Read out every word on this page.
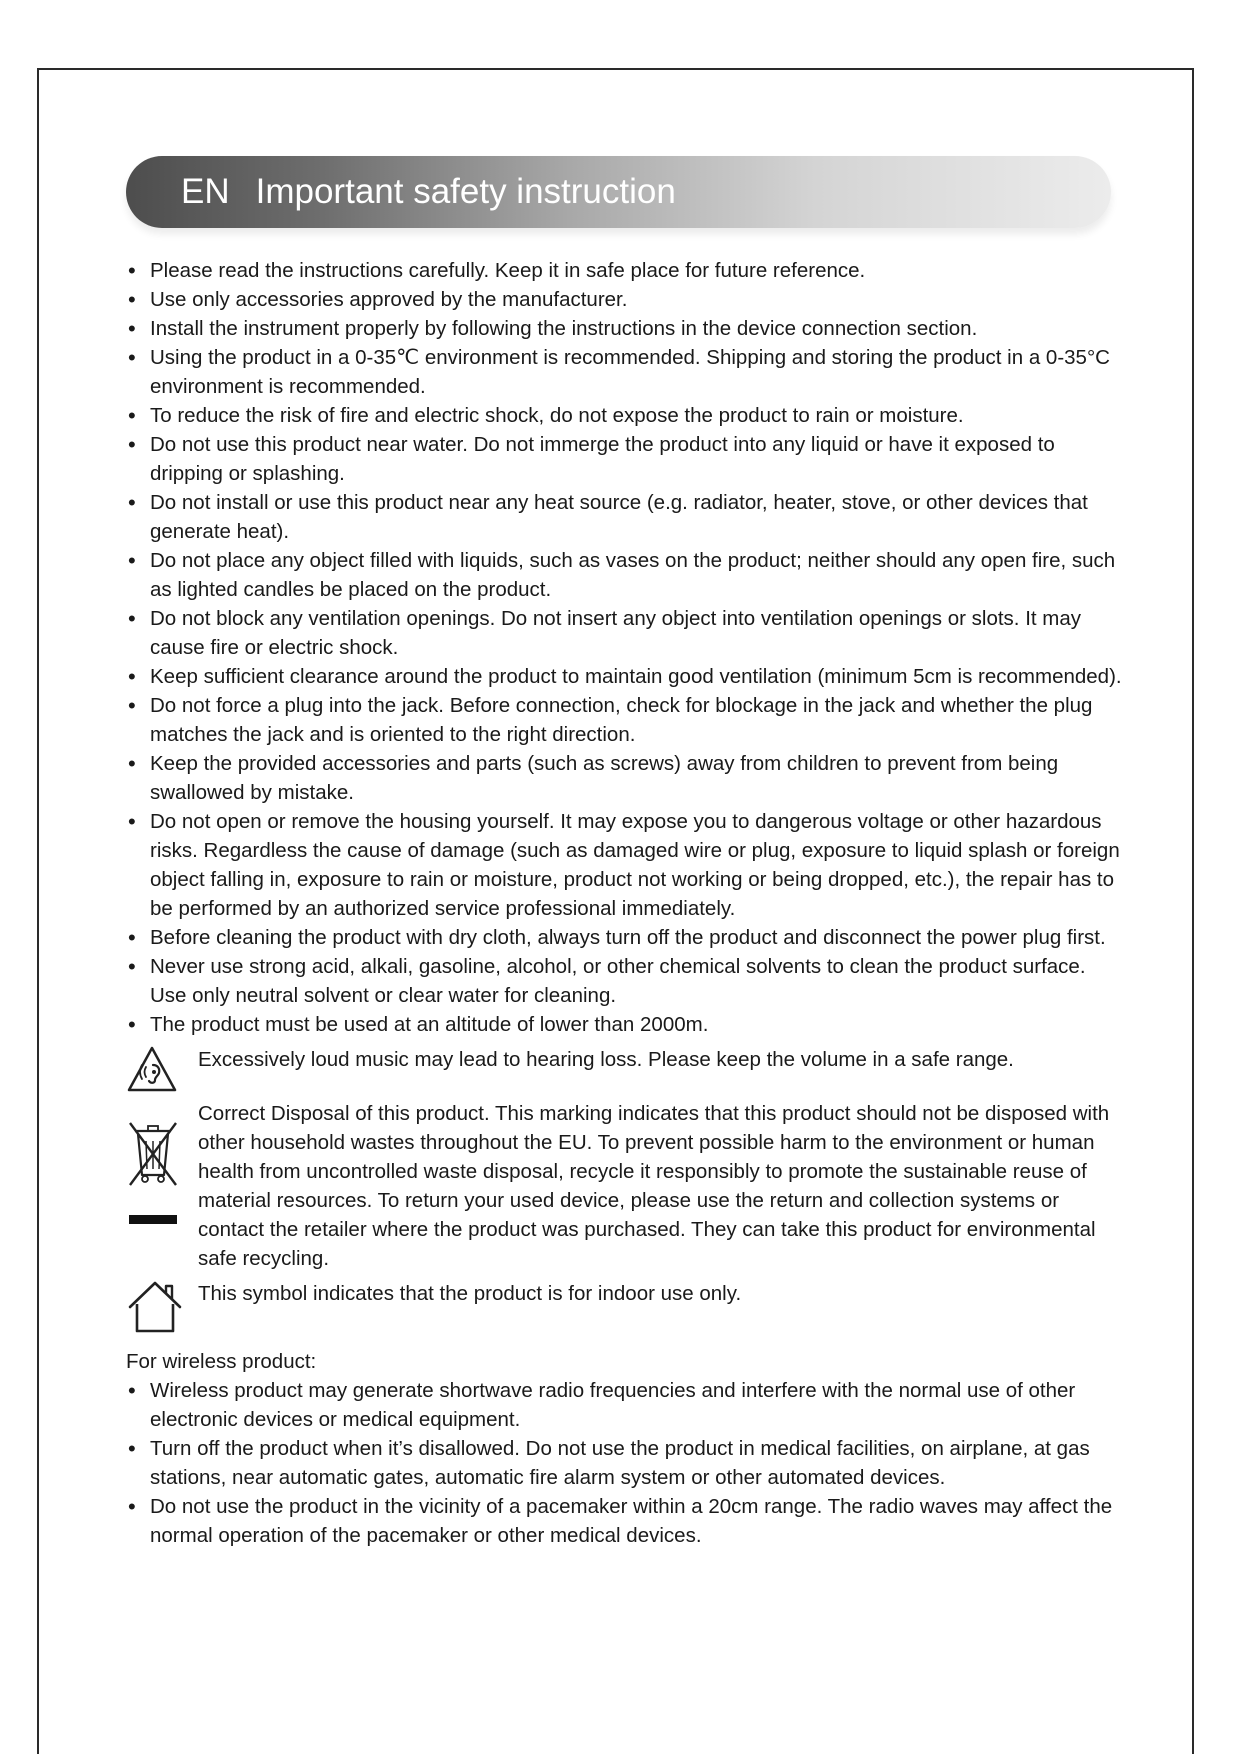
EN Important safety instruction
• Please read the instructions carefully. Keep it in safe place for future reference.
• Use only accessories approved by the manufacturer.
• Install the instrument properly by following the instructions in the device connection section.
• Using the product in a 0-35℃ environment is recommended. Shipping and storing the product in a 0-35°C environment is recommended.
• To reduce the risk of fire and electric shock, do not expose the product to rain or moisture.
• Do not use this product near water. Do not immerge the product into any liquid or have it exposed to dripping or splashing.
• Do not install or use this product near any heat source (e.g. radiator, heater, stove, or other devices that generate heat).
• Do not place any object filled with liquids, such as vases on the product; neither should any open fire, such as lighted candles be placed on the product.
• Do not block any ventilation openings. Do not insert any object into ventilation openings or slots. It may cause fire or electric shock.
• Keep sufficient clearance around the product to maintain good ventilation (minimum 5cm is recommended).
• Do not force a plug into the jack. Before connection, check for blockage in the jack and whether the plug matches the jack and is oriented to the right direction.
• Keep the provided accessories and parts (such as screws) away from children to prevent from being swallowed by mistake.
• Do not open or remove the housing yourself. It may expose you to dangerous voltage or other hazardous risks. Regardless the cause of damage (such as damaged wire or plug, exposure to liquid splash or foreign object falling in, exposure to rain or moisture, product not working or being dropped, etc.), the repair has to be performed by an authorized service professional immediately.
• Before cleaning the product with dry cloth, always turn off the product and disconnect the power plug first.
• Never use strong acid, alkali, gasoline, alcohol, or other chemical solvents to clean the product surface. Use only neutral solvent or clear water for cleaning.
• The product must be used at an altitude of lower than 2000m.
Excessively loud music may lead to hearing loss. Please keep the volume in a safe range.
Correct Disposal of this product. This marking indicates that this product should not be disposed with other household wastes throughout the EU. To prevent possible harm to the environment or human health from uncontrolled waste disposal, recycle it responsibly to promote the sustainable reuse of material resources. To return your used device, please use the return and collection systems or contact the retailer where the product was purchased. They can take this product for environmental safe recycling.
This symbol indicates that the product is for indoor use only.
For wireless product:
• Wireless product may generate shortwave radio frequencies and interfere with the normal use of other electronic devices or medical equipment.
• Turn off the product when it’s disallowed. Do not use the product in medical facilities, on airplane, at gas stations, near automatic gates, automatic fire alarm system or other automated devices.
• Do not use the product in the vicinity of a pacemaker within a 20cm range. The radio waves may affect the normal operation of the pacemaker or other medical devices.
